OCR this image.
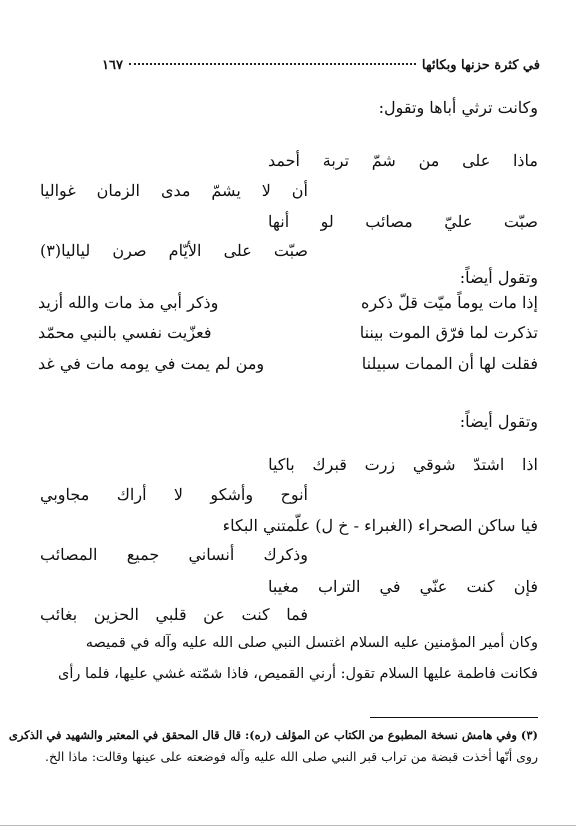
في كثرة حزنها وبكائها
١٦٧
وكانت ترثي أباها وتقول:
ماذا
على
من
شمّ
تربة
أحمد
أن
لا
يشمّ
مدى
الزمان
غواليا
صبّت
عليّ
مصائب
لو
أنها
صبّت
على
الأيّام
صرن
لياليا(٣)
وتقول أيضاً:
إذا مات يوماً ميّت قلّ ذكره
وذكر أبي مذ مات والله أزيد
تذكرت لما فرّق الموت بيننا
فعزّيت نفسي بالنبي محمّد
فقلت لها أن الممات سبيلنا
ومن لم يمت في يومه مات في غد
وتقول أيضاً:
اذا
اشتدّ
شوقي
زرت
قبرك
باكيا
أنوح
وأشكو
لا
أراك
مجاوبي
فيا ساكن الصحراء (الغبراء - خ ل) علّمتني البكاء
وذكرك
أنساني
جميع
المصائب
فإن
كنت
عنّي
في
التراب
مغيبا
فما
كنت
عن
قلبي
الحزين
بغائب
وكان أمير المؤمنين عليه السلام اغتسل النبي صلى الله عليه وآله في قميصه
فكانت فاطمة عليها السلام تقول: أرني القميص، فاذا شمّته غشي عليها، فلما رأى
(٣) وفي هامش نسخة المطبوع من الكتاب عن المؤلف (ره): قال قال المحقق في المعتبر والشهيد في الذكرى
روى أنّها أخذت قبضة من تراب قبر النبي صلى الله عليه وآله فوضعته على عينها وقالت: ماذا الخ.
